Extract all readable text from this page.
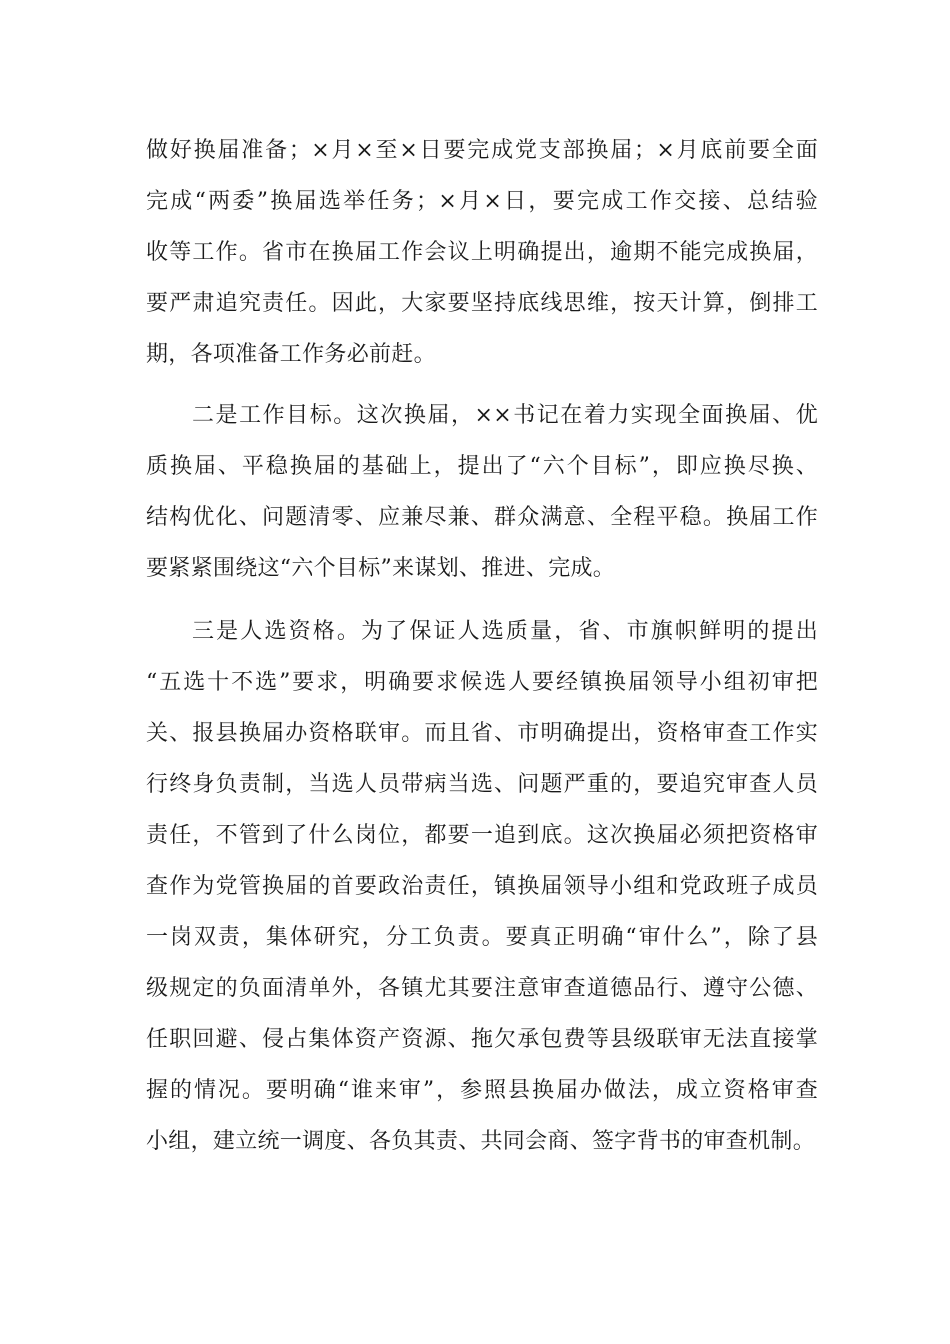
做好换届准备；×月×至×日要完成党支部换届；×月底前要全面
完成“两委”换届选举任务；×月×日，要完成工作交接、总结验
收等工作。省市在换届工作会议上明确提出，逾期不能完成换届，
要严肃追究责任。因此，大家要坚持底线思维，按天计算，倒排工
期，各项准备工作务必前赶。
二是工作目标。这次换届，××书记在着力实现全面换届、优
质换届、平稳换届的基础上，提出了“六个目标”，即应换尽换、
结构优化、问题清零、应兼尽兼、群众满意、全程平稳。换届工作
要紧紧围绕这“六个目标”来谋划、推进、完成。
三是人选资格。为了保证人选质量，省、市旗帜鲜明的提出
“五选十不选”要求，明确要求候选人要经镇换届领导小组初审把
关、报县换届办资格联审。而且省、市明确提出，资格审查工作实
行终身负责制，当选人员带病当选、问题严重的，要追究审查人员
责任，不管到了什么岗位，都要一追到底。这次换届必须把资格审
查作为党管换届的首要政治责任，镇换届领导小组和党政班子成员
一岗双责，集体研究，分工负责。要真正明确“审什么”，除了县
级规定的负面清单外，各镇尤其要注意审查道德品行、遵守公德、
任职回避、侵占集体资产资源、拖欠承包费等县级联审无法直接掌
握的情况。要明确“谁来审”，参照县换届办做法，成立资格审查
小组，建立统一调度、各负其责、共同会商、签字背书的审查机制。
